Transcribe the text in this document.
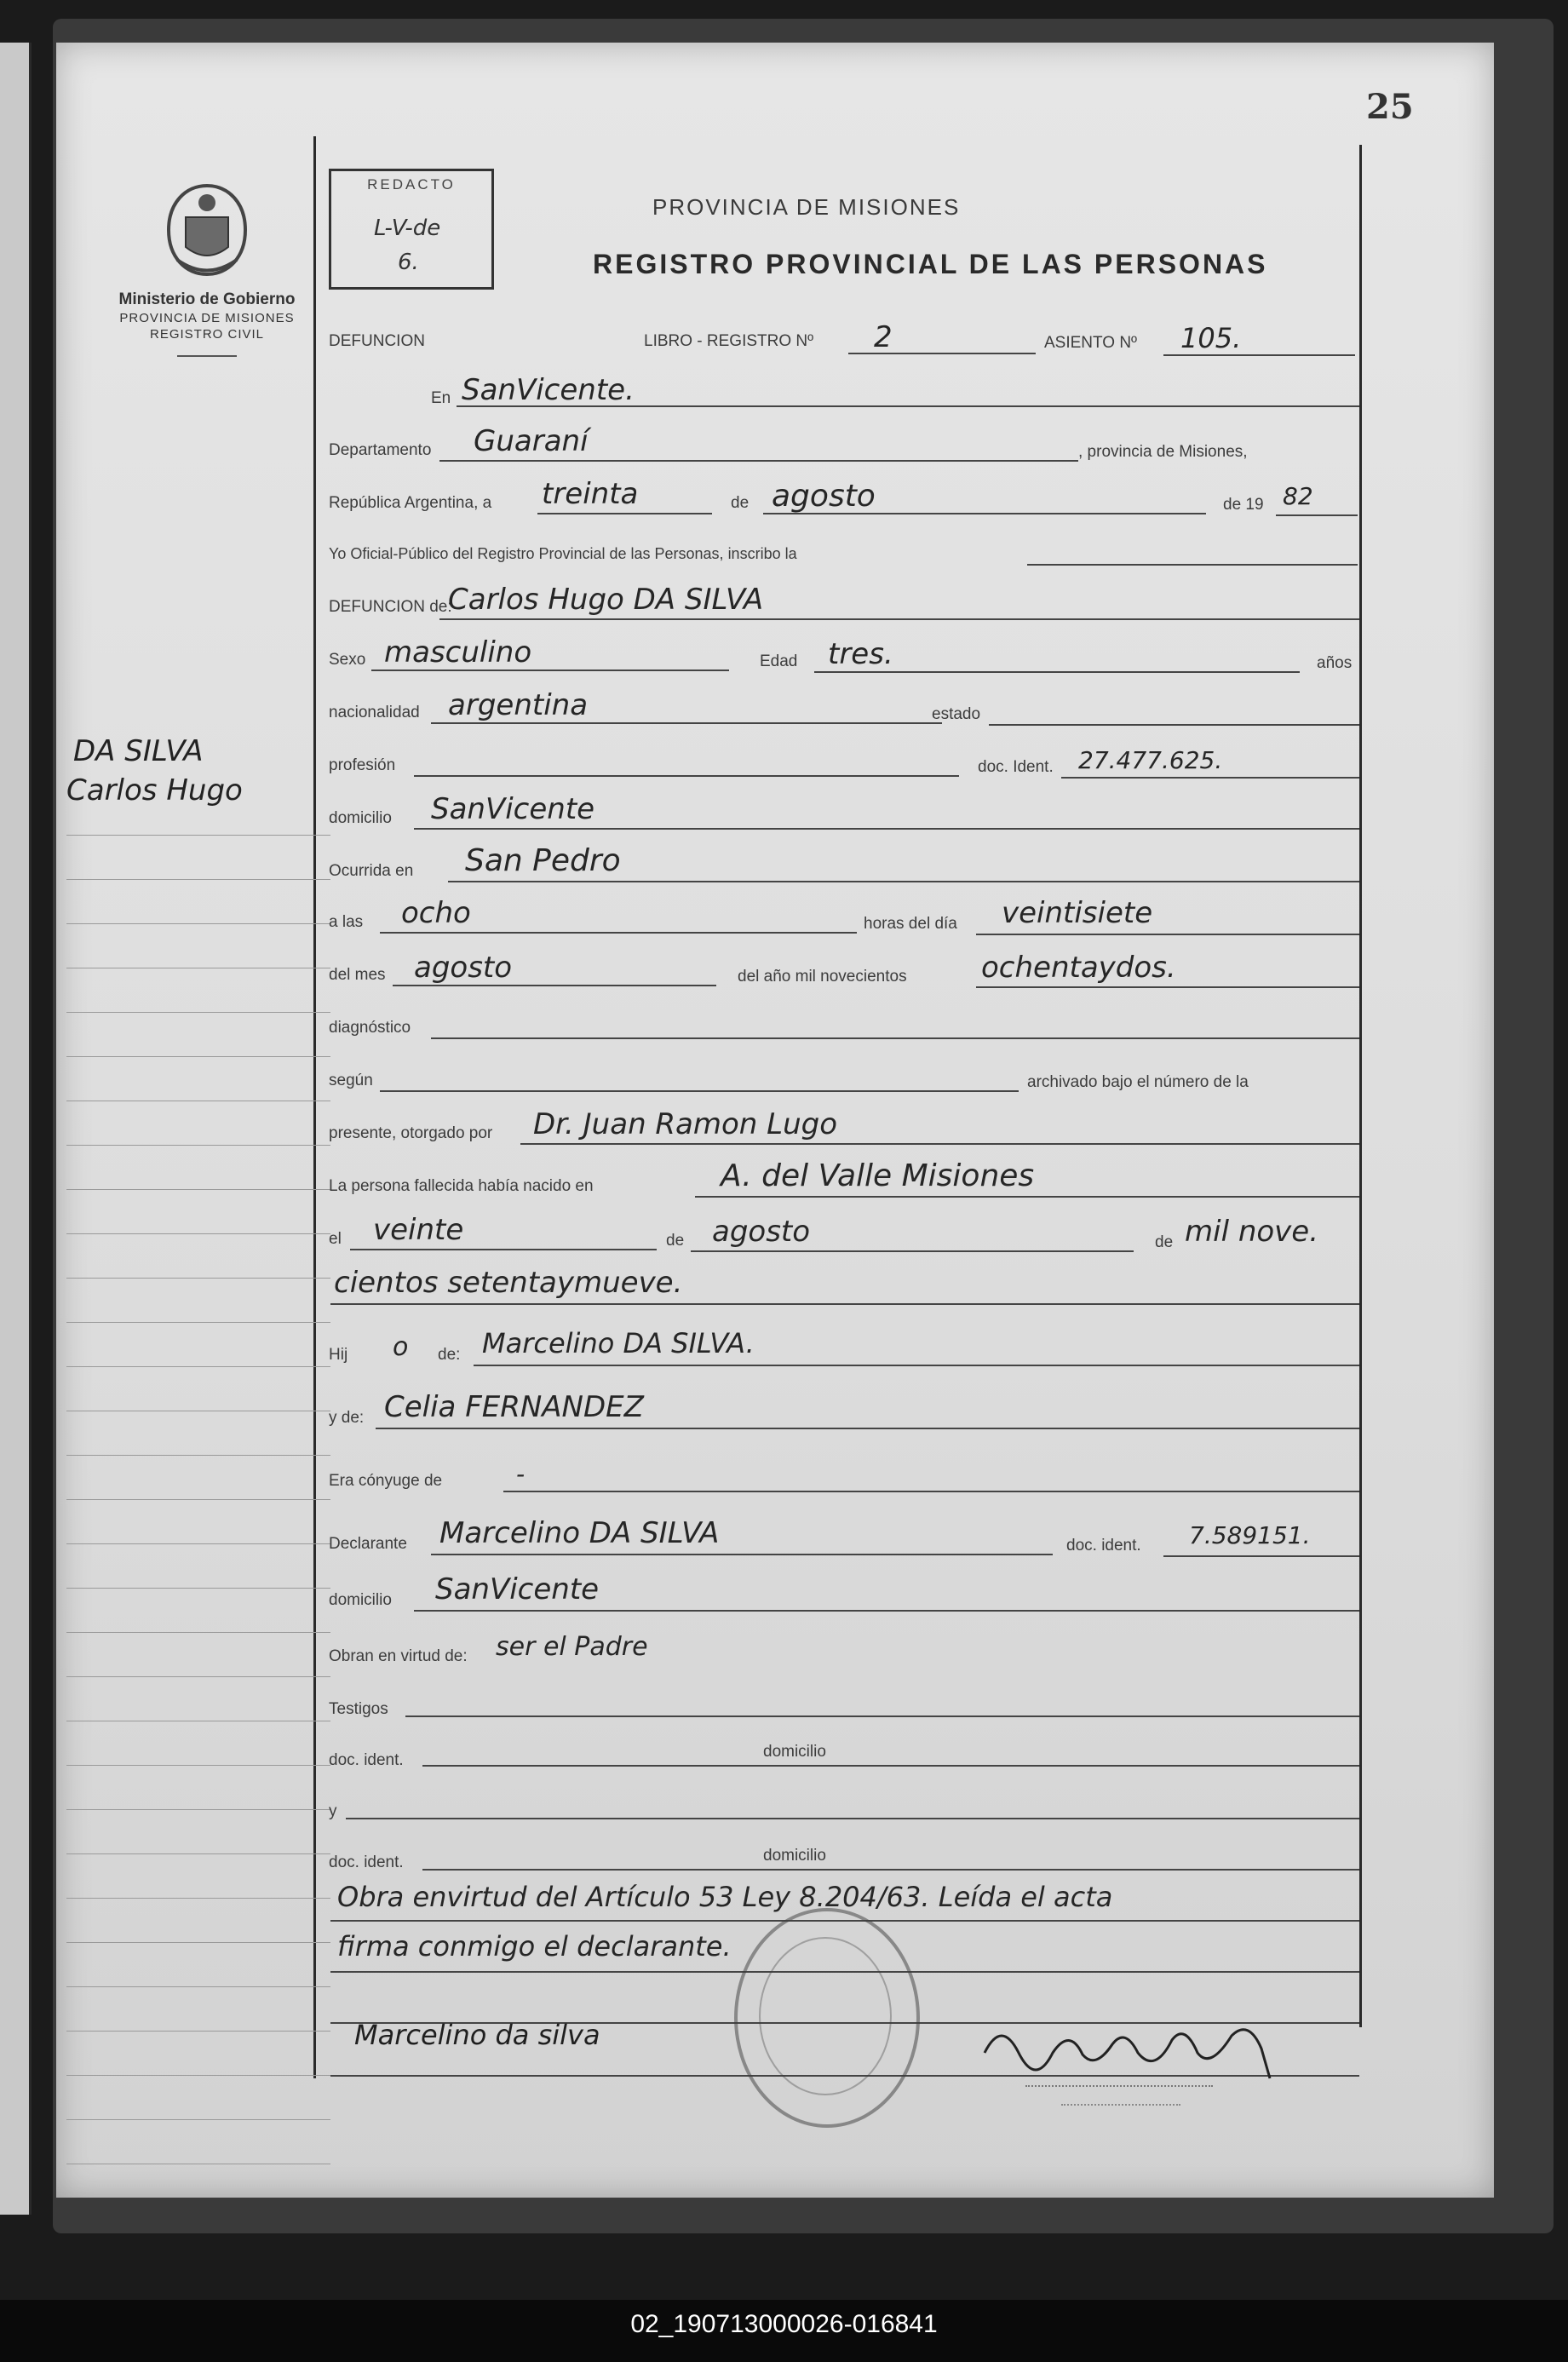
25
Ministerio de Gobierno
PROVINCIA DE MISIONES
REGISTRO CIVIL
REDACTO
L-V-de
6.
PROVINCIA DE MISIONES
REGISTRO PROVINCIAL DE LAS PERSONAS
DA SILVA
Carlos Hugo
DEFUNCION	LIBRO - REGISTRO Nº 2	ASIENTO Nº 105.
En SanVicente.
Departamento Guaraní	, provincia de Misiones,
República Argentina, a treinta	de agosto	de 19 82
Yo Oficial-Público del Registro Provincial de las Personas, inscribo la
DEFUNCION de:
Carlos Hugo DA SILVA
Sexo masculino	Edad tres.	años
nacionalidad argentina	estado
profesión	doc. Ident. 27.477.625.
domicilio SanVicente
Ocurrida en San Pedro
a las ocho	horas del día veintisiete
del mes agosto	del año mil novecientos	ochentaydos.
diagnóstico
según	archivado bajo el número de la
presente, otorgado por Dr. Juan Ramon Lugo
La persona fallecida había nacido en	A. del Valle Misiones
el veinte	de agosto	de mil nove.
cientos setentaymueve.
Hij o de: Marcelino DA SILVA.
y de: Celia FERNANDEZ
Era cónyuge de	-
Declarante Marcelino DA SILVA	doc. ident. 7.589151.
domicilio SanVicente
Obran en virtud de: ser el Padre
Testigos
doc. ident.	domicilio
y
doc. ident.	domicilio
Obra envirtud del Artículo 53 Ley 8.204/63. Leída el acta
firma conmigo el declarante.
Marcelino da silva
02_190713000026-016841
